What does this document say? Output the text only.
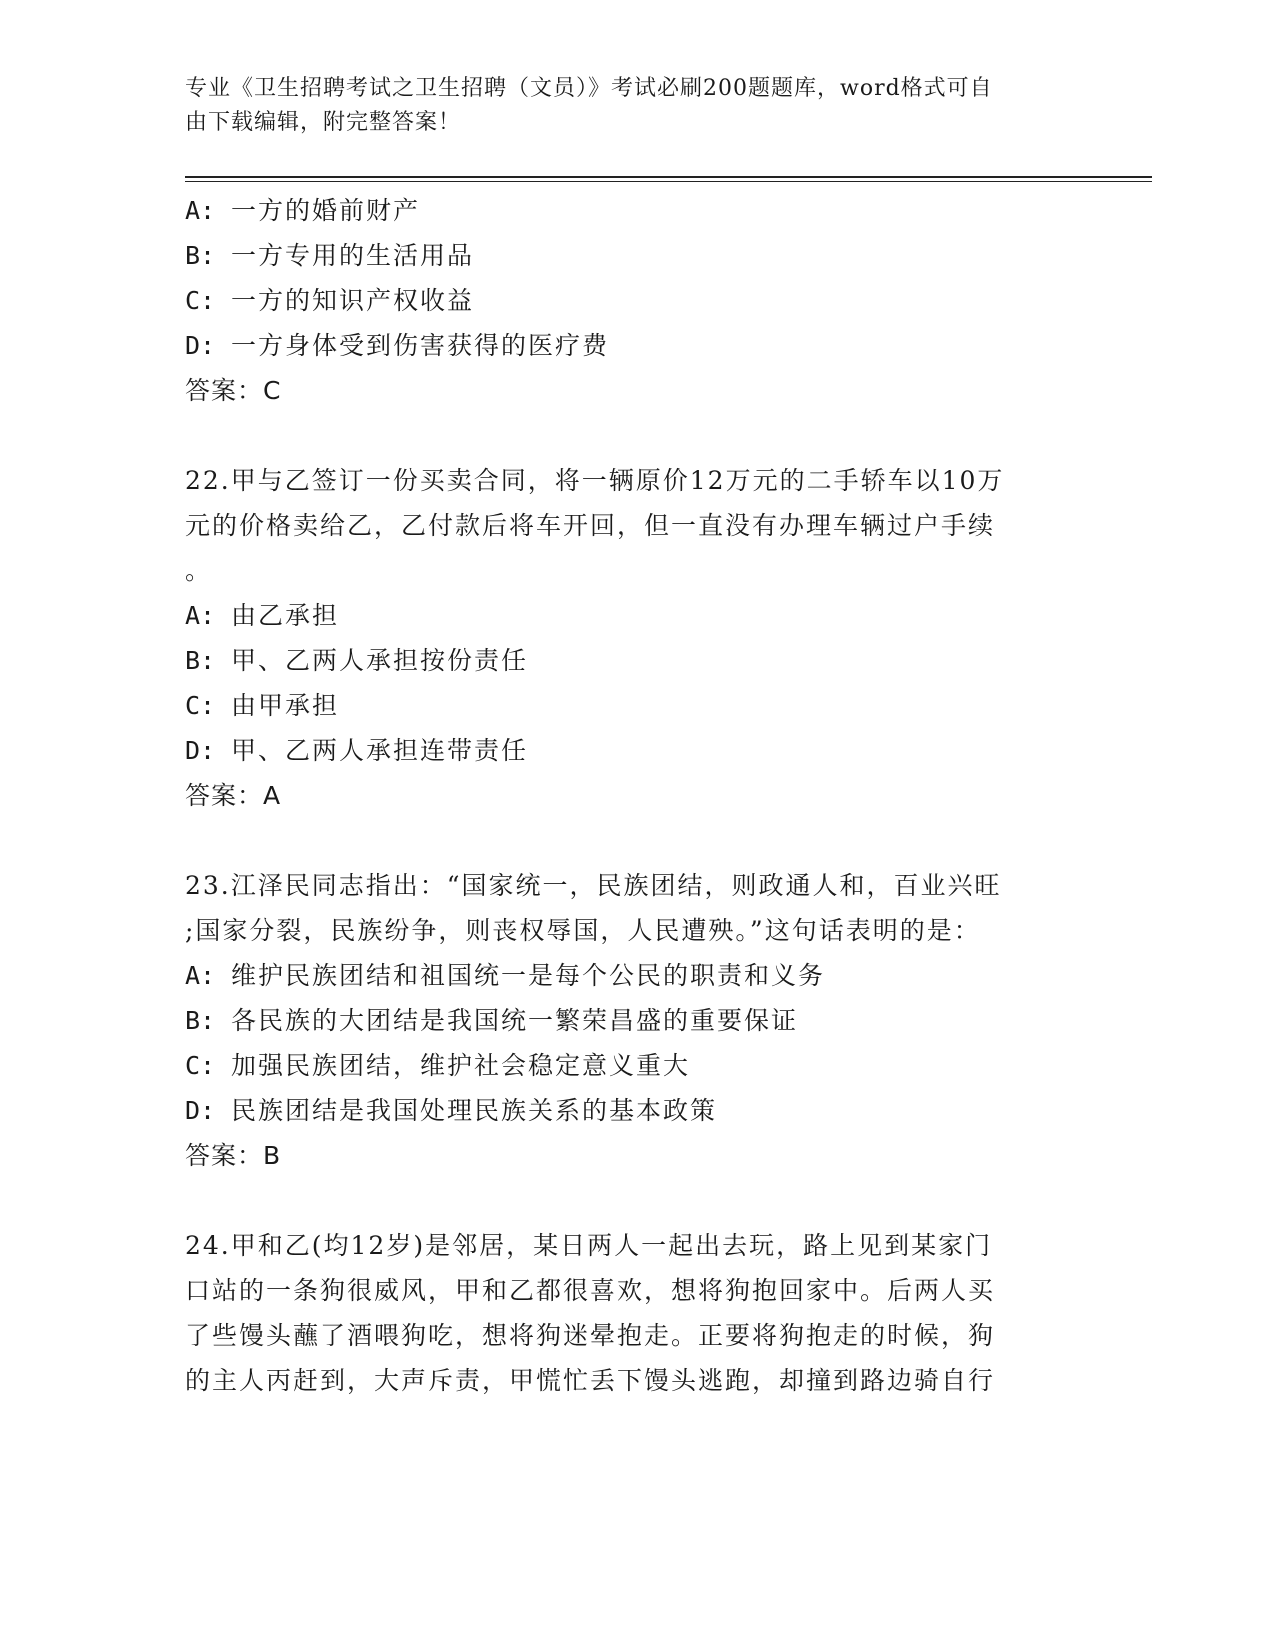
专业《卫生招聘考试之卫生招聘（文员）》考试必刷200题题库，word格式可自
由下载编辑，附完整答案！
A: 一方的婚前财产
B: 一方专用的生活用品
C: 一方的知识产权收益
D: 一方身体受到伤害获得的医疗费
答案：C
22.甲与乙签订一份买卖合同，将一辆原价12万元的二手轿车以10万
元的价格卖给乙，乙付款后将车开回，但一直没有办理车辆过户手续
。
A: 由乙承担
B: 甲、乙两人承担按份责任
C: 由甲承担
D: 甲、乙两人承担连带责任
答案：A
23.江泽民同志指出：“国家统一，民族团结，则政通人和，百业兴旺
;国家分裂，民族纷争，则丧权辱国，人民遭殃。”这句话表明的是：
A: 维护民族团结和祖国统一是每个公民的职责和义务
B: 各民族的大团结是我国统一繁荣昌盛的重要保证
C: 加强民族团结，维护社会稳定意义重大
D: 民族团结是我国处理民族关系的基本政策
答案：B
24.甲和乙(均12岁)是邻居，某日两人一起出去玩，路上见到某家门
口站的一条狗很威风，甲和乙都很喜欢，想将狗抱回家中。后两人买
了些馒头蘸了酒喂狗吃，想将狗迷晕抱走。正要将狗抱走的时候，狗
的主人丙赶到，大声斥责，甲慌忙丢下馒头逃跑，却撞到路边骑自行
